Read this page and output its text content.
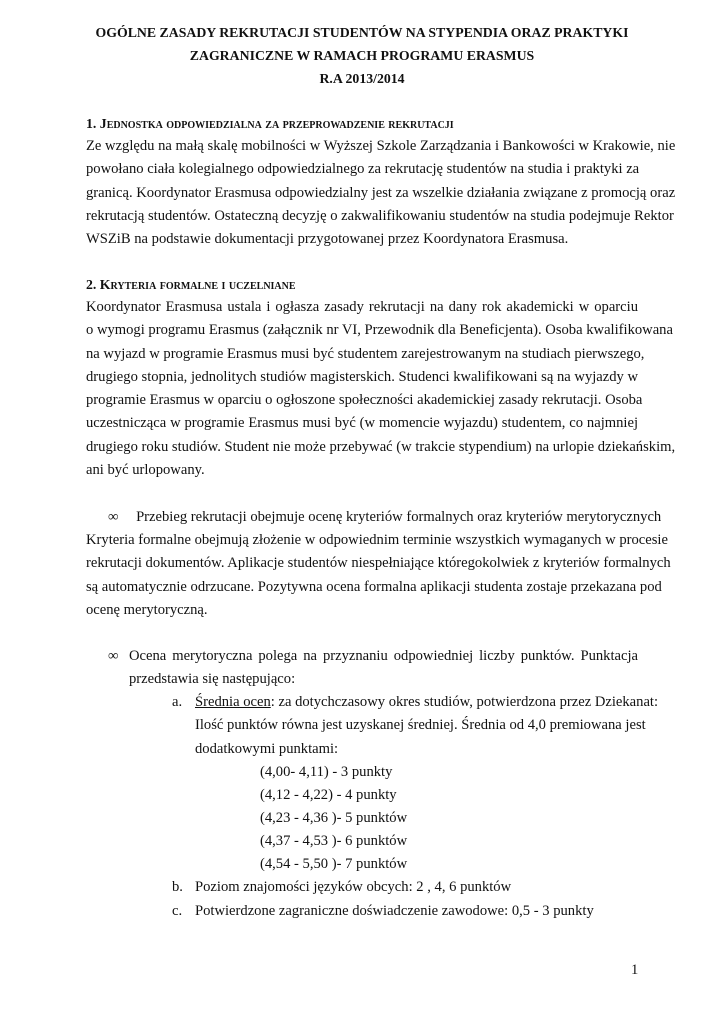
OGÓLNE ZASADY REKRUTACJI STUDENTÓW NA STYPENDIA ORAZ PRAKTYKI
ZAGRANICZNE W RAMACH PROGRAMU ERASMUS
R.A 2013/2014
1. Jednostka odpowiedzialna za przeprowadzenie rekrutacji
Ze względu na małą skalę mobilności w Wyższej Szkole Zarządzania i Bankowości w Krakowie, nie
powołano ciała kolegialnego odpowiedzialnego za rekrutację studentów na studia i praktyki za
granicą. Koordynator Erasmusa odpowiedzialny jest za wszelkie działania związane z promocją oraz
rekrutacją studentów. Ostateczną decyzję o zakwalifikowaniu studentów na studia podejmuje Rektor
WSZiB na podstawie dokumentacji przygotowanej przez Koordynatora Erasmusa.
2. Kryteria formalne i uczelniane
Koordynator Erasmusa ustala i ogłasza zasady rekrutacji na dany rok akademicki w oparciu
o wymogi programu Erasmus (załącznik nr VI, Przewodnik dla Beneficjenta). Osoba kwalifikowana
na wyjazd w programie Erasmus musi być studentem zarejestrowanym na studiach pierwszego,
drugiego stopnia, jednolitych studiów magisterskich. Studenci kwalifikowani są na wyjazdy w
programie Erasmus w oparciu o ogłoszone społeczności akademickiej zasady rekrutacji. Osoba
uczestnicząca w programie Erasmus musi być (w momencie wyjazdu) studentem, co najmniej
drugiego roku studiów. Student nie może przebywać (w trakcie stypendium) na urlopie dziekańskim,
ani być urlopowany.
∞ Przebieg rekrutacji obejmuje ocenę kryteriów formalnych oraz kryteriów merytorycznych
Kryteria formalne obejmują złożenie w odpowiednim terminie wszystkich wymaganych w procesie
rekrutacji dokumentów. Aplikacje studentów niespełniające któregokolwiek z kryteriów formalnych
są automatycznie odrzucane. Pozytywna ocena formalna aplikacji studenta zostaje przekazana pod
ocenę merytoryczną.
∞ Ocena merytoryczna polega na przyznaniu odpowiedniej liczby punktów. Punktacja
przedstawia się następująco:
a. Średnia ocen: za dotychczasowy okres studiów, potwierdzona przez Dziekanat:
Ilość punktów równa jest uzyskanej średniej. Średnia od 4,0 premiowana jest
dodatkowymi punktami:
(4,00- 4,11) - 3 punkty
(4,12 - 4,22) - 4 punkty
(4,23 - 4,36 )- 5 punktów
(4,37 - 4,53 )- 6 punktów
(4,54 - 5,50 )- 7 punktów
b. Poziom znajomości języków obcych: 2 , 4, 6 punktów
c. Potwierdzone zagraniczne doświadczenie zawodowe: 0,5 - 3 punkty
1
